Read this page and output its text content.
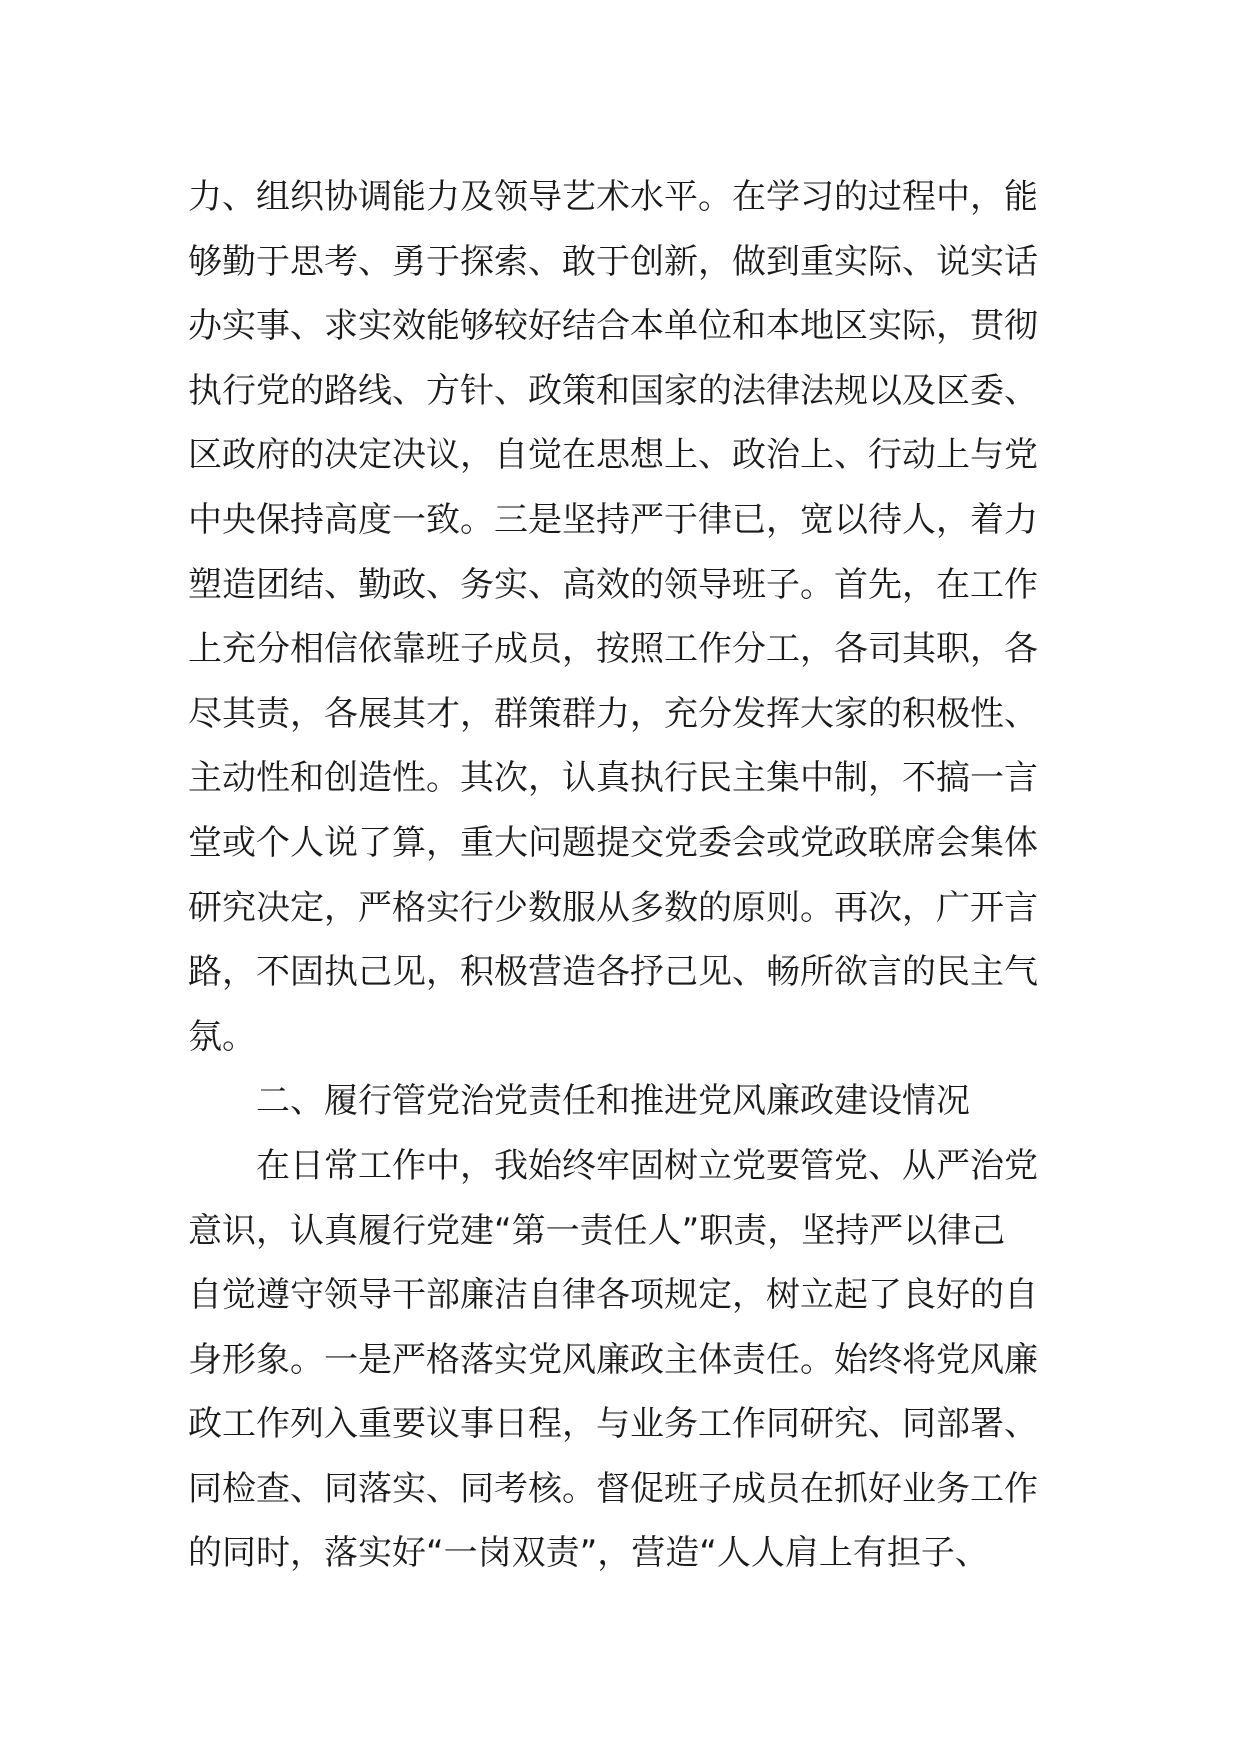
力、组织协调能力及领导艺术水平。在学习的过程中，能
够勤于思考、勇于探索、敢于创新，做到重实际、说实话
办实事、求实效能够较好结合本单位和本地区实际，贯彻
执行党的路线、方针、政策和国家的法律法规以及区委、
区政府的决定决议，自觉在思想上、政治上、行动上与党
中央保持高度一致。三是坚持严于律已，宽以待人，着力
塑造团结、勤政、务实、高效的领导班子。首先，在工作
上充分相信依靠班子成员，按照工作分工，各司其职，各
尽其责，各展其才，群策群力，充分发挥大家的积极性、
主动性和创造性。其次，认真执行民主集中制，不搞一言
堂或个人说了算，重大问题提交党委会或党政联席会集体
研究决定，严格实行少数服从多数的原则。再次，广开言
路，不固执己见，积极营造各抒己见、畅所欲言的民主气
氛。
二、履行管党治党责任和推进党风廉政建设情况
在日常工作中，我始终牢固树立党要管党、从严治党
意识，认真履行党建“第一责任人”职责，坚持严以律己
自觉遵守领导干部廉洁自律各项规定，树立起了良好的自
身形象。一是严格落实党风廉政主体责任。始终将党风廉
政工作列入重要议事日程，与业务工作同研究、同部署、
同检查、同落实、同考核。督促班子成员在抓好业务工作
的同时，落实好“一岗双责”，营造“人人肩上有担子、
